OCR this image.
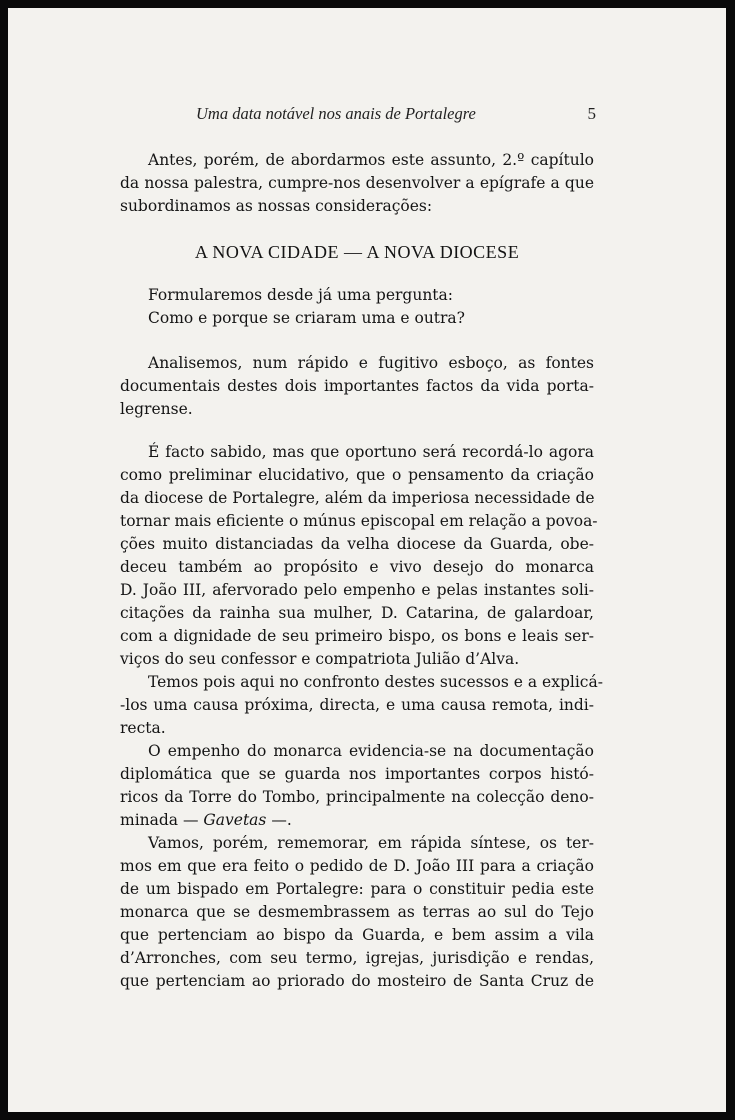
Uma data notável nos anais de Portalegre	5
Antes, porém, de abordarmos este assunto, 2.º capítulo
da nossa palestra, cumpre-nos desenvolver a epígrafe a que
subordinamos as nossas considerações:
A NOVA CIDADE — A NOVA DIOCESE
Formularemos desde já uma pergunta:
Como e porque se criaram uma e outra?
Analisemos, num rápido e fugitivo esboço, as fontes
documentais destes dois importantes factos da vida porta-
legrense.
É facto sabido, mas que oportuno será recordá-lo agora
como preliminar elucidativo, que o pensamento da criação
da diocese de Portalegre, além da imperiosa necessidade de
tornar mais eficiente o múnus episcopal em relação a povoa-
ções muito distanciadas da velha diocese da Guarda, obe-
deceu também ao propósito e vivo desejo do monarca
D. João III, afervorado pelo empenho e pelas instantes soli-
citações da rainha sua mulher, D. Catarina, de galardoar,
com a dignidade de seu primeiro bispo, os bons e leais ser-
viços do seu confessor e compatriota Julião d’Alva.
Temos pois aqui no confronto destes sucessos e a explicá-
-los uma causa próxima, directa, e uma causa remota, indi-
recta.
O empenho do monarca evidencia-se na documentação
diplomática que se guarda nos importantes corpos histó-
ricos da Torre do Tombo, principalmente na colecção deno-
minada — Gavetas —.
Vamos, porém, rememorar, em rápida síntese, os ter-
mos em que era feito o pedido de D. João III para a criação
de um bispado em Portalegre: para o constituir pedia este
monarca que se desmembrassem as terras ao sul do Tejo
que pertenciam ao bispo da Guarda, e bem assim a vila
d’Arronches, com seu termo, igrejas, jurisdição e rendas,
que pertenciam ao priorado do mosteiro de Santa Cruz de
